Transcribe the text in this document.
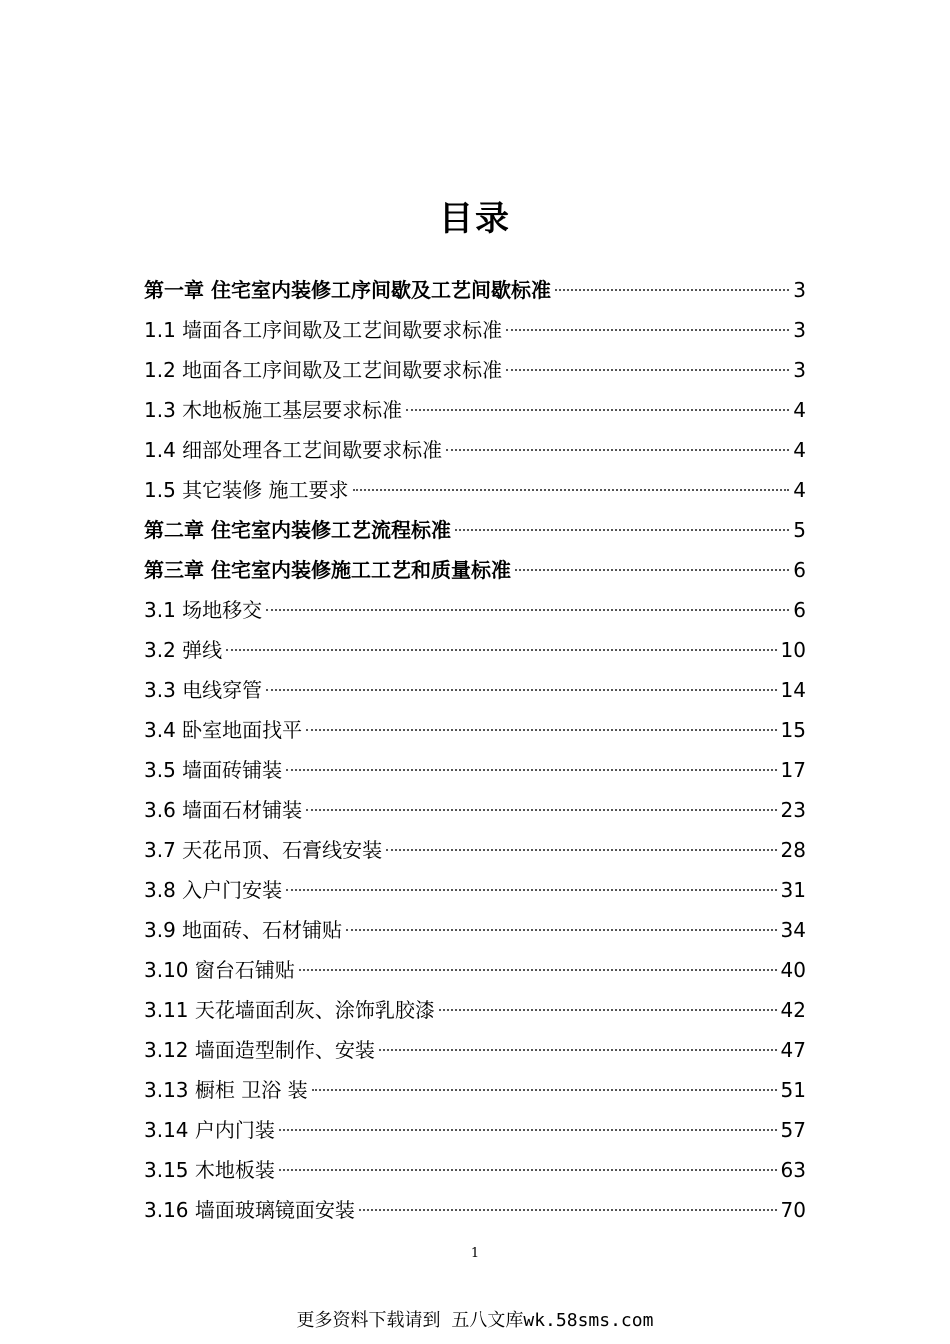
目录
第一章 住宅室内装修工序间歇及工艺间歇标准	3
1.1 墙面各工序间歇及工艺间歇要求标准	3
1.2 地面各工序间歇及工艺间歇要求标准	3
1.3 木地板施工基层要求标准	4
1.4 细部处理各工艺间歇要求标准	4
1.5 其它装修 施工要求	4
第二章 住宅室内装修工艺流程标准	5
第三章 住宅室内装修施工工艺和质量标准	6
3.1 场地移交	6
3.2 弹线	10
3.3 电线穿管	14
3.4 卧室地面找平	15
3.5 墙面砖铺装	17
3.6 墙面石材铺装	23
3.7 天花吊顶、石膏线安装	28
3.8 入户门安装	31
3.9 地面砖、石材铺贴	34
3.10 窗台石铺贴	40
3.11 天花墙面刮灰、涂饰乳胶漆	42
3.12 墙面造型制作、安装	47
3.13 橱柜 卫浴 装	51
3.14 户内门装	57
3.15 木地板装	63
3.16 墙面玻璃镜面安装	70
1
更多资料下载请到 五八文库wk.58sms.com
